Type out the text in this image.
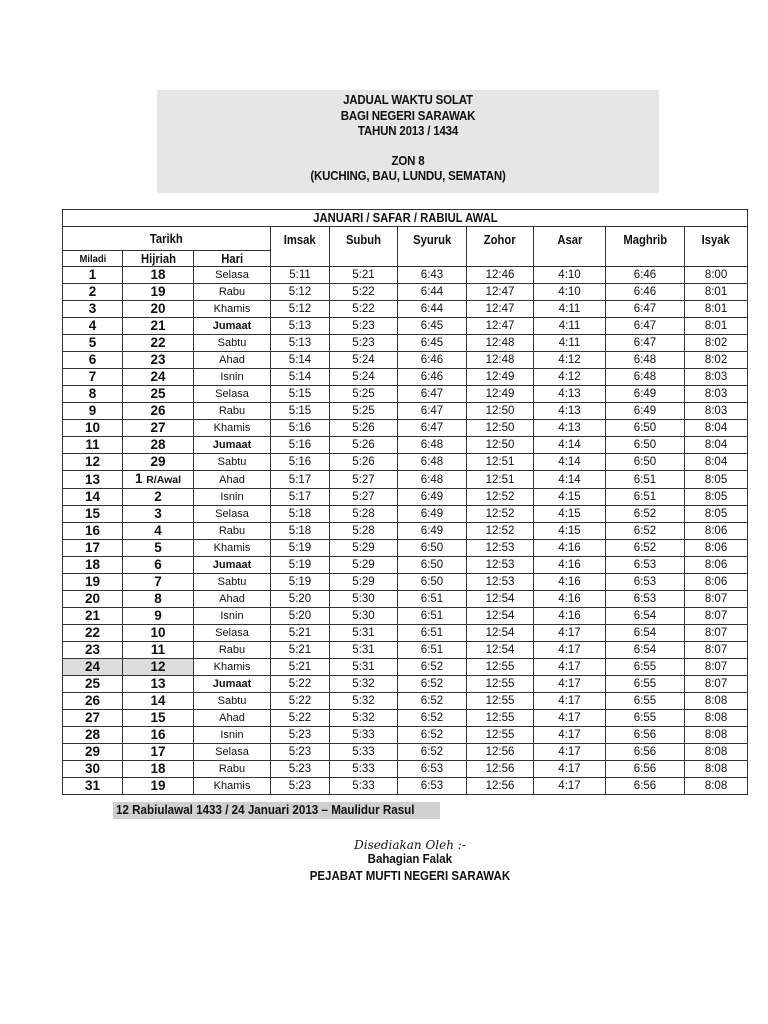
JADUAL WAKTU SOLAT
BAGI NEGERI SARAWAK
TAHUN 2013 / 1434
ZON 8
(KUCHING, BAU, LUNDU, SEMATAN)
JANUARI / SAFAR / RABIUL AWAL									
Tarikh			Imsak	Subuh	Syuruk	Zohor	Asar	Maghrib	Isyak
Miladi	Hijriah	Hari							
1	18	Selasa	5:11	5:21	6:43	12:46	4:10	6:46	8:00
2	19	Rabu	5:12	5:22	6:44	12:47	4:10	6:46	8:01
3	20	Khamis	5:12	5:22	6:44	12:47	4:11	6:47	8:01
4	21	Jumaat	5:13	5:23	6:45	12:47	4:11	6:47	8:01
5	22	Sabtu	5:13	5:23	6:45	12:48	4:11	6:47	8:02
6	23	Ahad	5:14	5:24	6:46	12:48	4:12	6:48	8:02
7	24	Isnin	5:14	5:24	6:46	12:49	4:12	6:48	8:03
8	25	Selasa	5:15	5:25	6:47	12:49	4:13	6:49	8:03
9	26	Rabu	5:15	5:25	6:47	12:50	4:13	6:49	8:03
10	27	Khamis	5:16	5:26	6:47	12:50	4:13	6:50	8:04
11	28	Jumaat	5:16	5:26	6:48	12:50	4:14	6:50	8:04
12	29	Sabtu	5:16	5:26	6:48	12:51	4:14	6:50	8:04
13	1 R/Awal	Ahad	5:17	5:27	6:48	12:51	4:14	6:51	8:05
14	2	Isnin	5:17	5:27	6:49	12:52	4:15	6:51	8:05
15	3	Selasa	5:18	5:28	6:49	12:52	4:15	6:52	8:05
16	4	Rabu	5:18	5:28	6:49	12:52	4:15	6:52	8:06
17	5	Khamis	5:19	5:29	6:50	12:53	4:16	6:52	8:06
18	6	Jumaat	5:19	5:29	6:50	12:53	4:16	6:53	8:06
19	7	Sabtu	5:19	5:29	6:50	12:53	4:16	6:53	8:06
20	8	Ahad	5:20	5:30	6:51	12:54	4:16	6:53	8:07
21	9	Isnin	5:20	5:30	6:51	12:54	4:16	6:54	8:07
22	10	Selasa	5:21	5:31	6:51	12:54	4:17	6:54	8:07
23	11	Rabu	5:21	5:31	6:51	12:54	4:17	6:54	8:07
24	12	Khamis	5:21	5:31	6:52	12:55	4:17	6:55	8:07
25	13	Jumaat	5:22	5:32	6:52	12:55	4:17	6:55	8:07
26	14	Sabtu	5:22	5:32	6:52	12:55	4:17	6:55	8:08
27	15	Ahad	5:22	5:32	6:52	12:55	4:17	6:55	8:08
28	16	Isnin	5:23	5:33	6:52	12:55	4:17	6:56	8:08
29	17	Selasa	5:23	5:33	6:52	12:56	4:17	6:56	8:08
30	18	Rabu	5:23	5:33	6:53	12:56	4:17	6:56	8:08
31	19	Khamis	5:23	5:33	6:53	12:56	4:17	6:56	8:08
12 Rabiulawal 1433 / 24 Januari 2013 – Maulidur Rasul
Disediakan Oleh :-
Bahagian Falak
PEJABAT MUFTI NEGERI SARAWAK
